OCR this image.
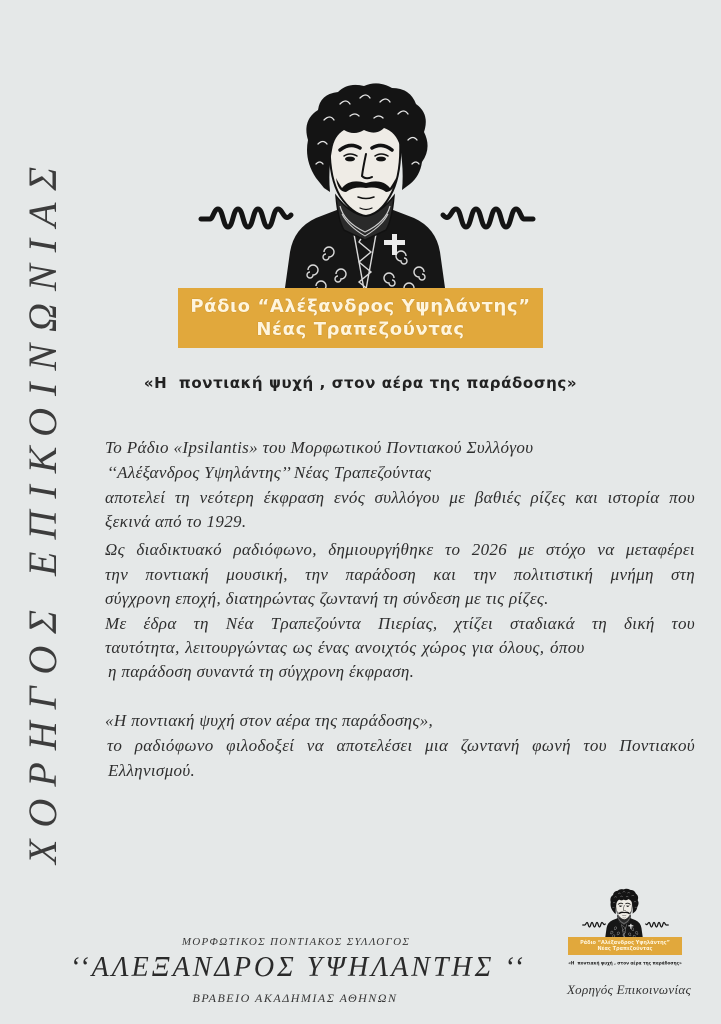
ΧΟΡΗΓΟΣ ΕΠΙΚΟΙΝΩΝΙΑΣ	Ράδιο “Αλέξανδρος Υψηλάντης”
Νέας Τραπεζούντας
«Η  ποντιακή ψυχή , στον αέρα της παράδοσης»
Το Ράδιο «Ipsilantis» του Μορφωτικού Ποντιακού Συλλόγου
‘‘Αλέξανδρος Υψηλάντης’’ Νέας Τραπεζούντας
αποτελεί τη νεότερη έκφραση ενός συλλόγου με βαθιές ρίζες και ιστορία που
ξεκινά από το 1929.
Ως διαδικτυακό ραδιόφωνο, δημιουργήθηκε το 2026 με στόχο να μεταφέρει
την ποντιακή μουσική, την παράδοση και την πολιτιστική μνήμη στη
σύγχρονη εποχή, διατηρώντας ζωντανή τη σύνδεση με τις ρίζες.
Με έδρα τη Νέα Τραπεζούντα Πιερίας, χτίζει σταδιακά τη δική του
ταυτότητα, λειτουργώντας ως ένας ανοιχτός χώρος για όλους, όπου
η παράδοση συναντά τη σύγχρονη έκφραση.
«Η ποντιακή ψυχή στον αέρα της παράδοσης»,
το ραδιόφωνο φιλοδοξεί να αποτελέσει μια ζωντανή φωνή του Ποντιακού
Ελληνισμού.
ΜΟΡΦΩΤΙΚΟΣ ΠΟΝΤΙΑΚΟΣ ΣΥΛΛΟΓΟΣ
‘‘ΑΛΕΞΑΝΔΡΟΣ ΥΨΗΛΑΝΤΗΣ ‘‘
ΒΡΑΒΕΙΟ ΑΚΑΔΗΜΙΑΣ ΑΘΗΝΩΝ
Ράδιο “Αλέξανδρος Υψηλάντης”
Νέας Τραπεζούντας
«Η  ποντιακή ψυχή , στον αέρα της παράδοσης»
Χορηγός Επικοινωνίας
